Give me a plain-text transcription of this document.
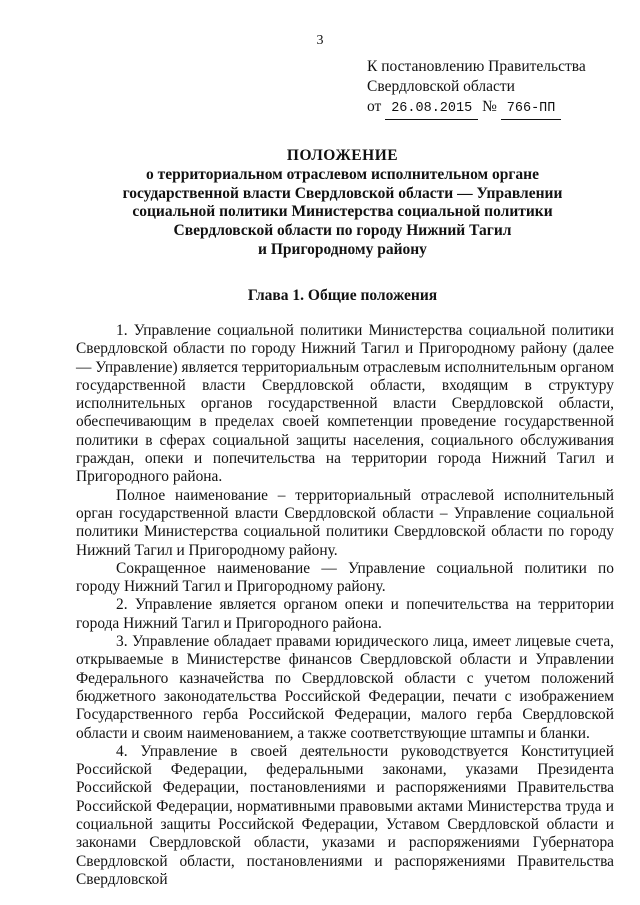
3
К постановлению Правительства
Свердловской области
от 26.08.2015 № 766-ПП
ПОЛОЖЕНИЕ
о территориальном отраслевом исполнительном органе
государственной власти Свердловской области — Управлении
социальной политики Министерства социальной политики
Свердловской области по городу Нижний Тагил
и Пригородному району
Глава 1. Общие положения

1. Управление социальной политики Министерства социальной политики Свердловской области по городу Нижний Тагил и Пригородному району (далее — Управление) является территориальным отраслевым исполнительным органом государственной власти Свердловской области, входящим в структуру исполнительных органов государственной власти Свердловской области, обеспечивающим в пределах своей компетенции проведение государственной политики в сферах социальной защиты населения, социального обслуживания граждан, опеки и попечительства на территории города Нижний Тагил и Пригородного района.

Полное наименование – территориальный отраслевой исполнительный орган государственной власти Свердловской области – Управление социальной политики Министерства социальной политики Свердловской области по городу Нижний Тагил и Пригородному району.

Сокращенное наименование — Управление социальной политики по городу Нижний Тагил и Пригородному району.

2. Управление является органом опеки и попечительства на территории города Нижний Тагил и Пригородного района.

3. Управление обладает правами юридического лица, имеет лицевые счета, открываемые в Министерстве финансов Свердловской области и Управлении Федерального казначейства по Свердловской области с учетом положений бюджетного законодательства Российской Федерации, печати с изображением Государственного герба Российской Федерации, малого герба Свердловской области и своим наименованием, а также соответствующие штампы и бланки.

4. Управление в своей деятельности руководствуется Конституцией Российской Федерации, федеральными законами, указами Президента Российской Федерации, постановлениями и распоряжениями Правительства Российской Федерации, нормативными правовыми актами Министерства труда и социальной защиты Российской Федерации, Уставом Свердловской области и законами Свердловской области, указами и распоряжениями Губернатора Свердловской области, постановлениями и распоряжениями Правительства Свердловской
